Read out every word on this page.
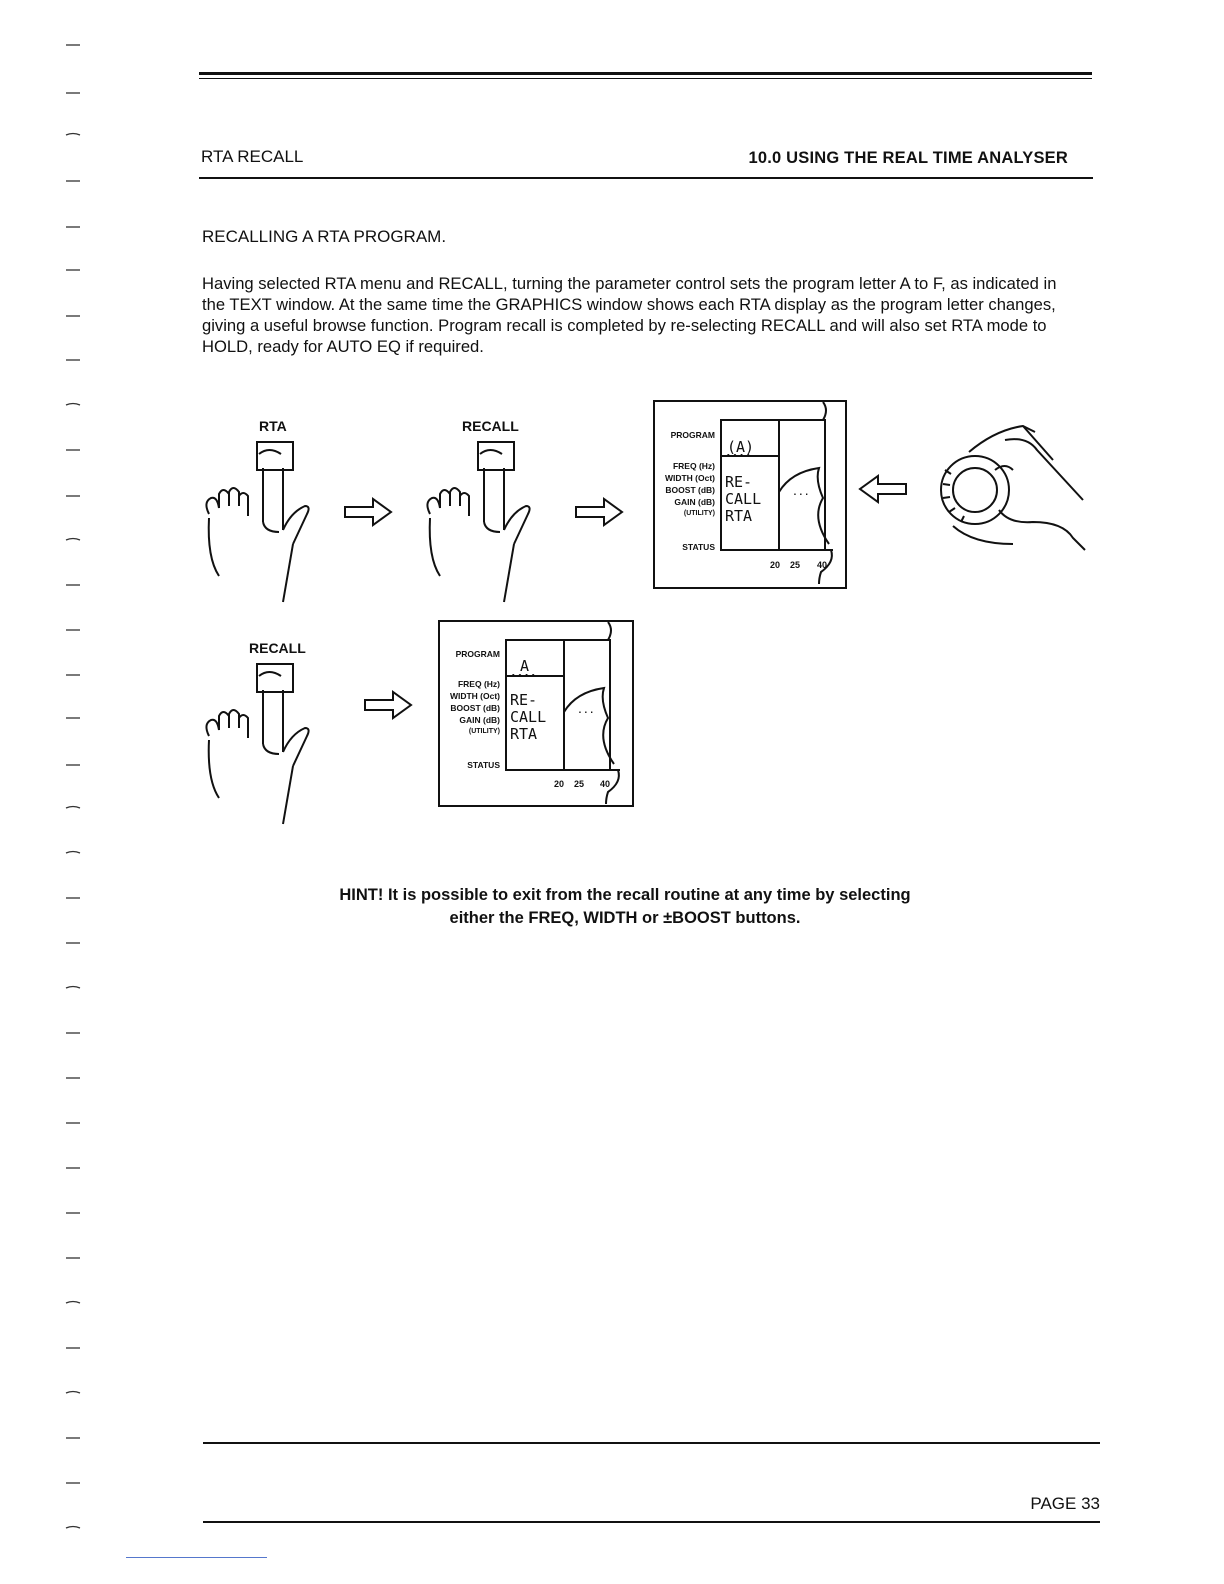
RTA RECALL	10.0 USING THE REAL TIME ANALYSER
RECALLING A RTA PROGRAM.
Having selected RTA menu and RECALL, turning the parameter control sets the program letter A to F, as indicated in the TEXT window. At the same time the GRAPHICS window shows each RTA display as the program letter changes, giving a useful browse function. Program recall is completed by re-selecting RECALL and will also set RTA mode to HOLD, ready for AUTO EQ if required.
RTA	RECALL
PROGRAM
FREQ (Hz)
WIDTH (Oct)
BOOST (dB)
GAIN (dB)
(UTILITY)
STATUS
(A)
^^^^
RE-
CALL
RTA
...
20 25 40
RECALL	PROGRAM
FREQ (Hz)
WIDTH (Oct)
BOOST (dB)
GAIN (dB)
(UTILITY)
STATUS
A
^^^^
RE-
CALL
RTA
...
20 25 40
HINT! It is possible to exit from the recall routine at any time by selecting
either the FREQ, WIDTH or ±BOOST buttons.
PAGE 33
